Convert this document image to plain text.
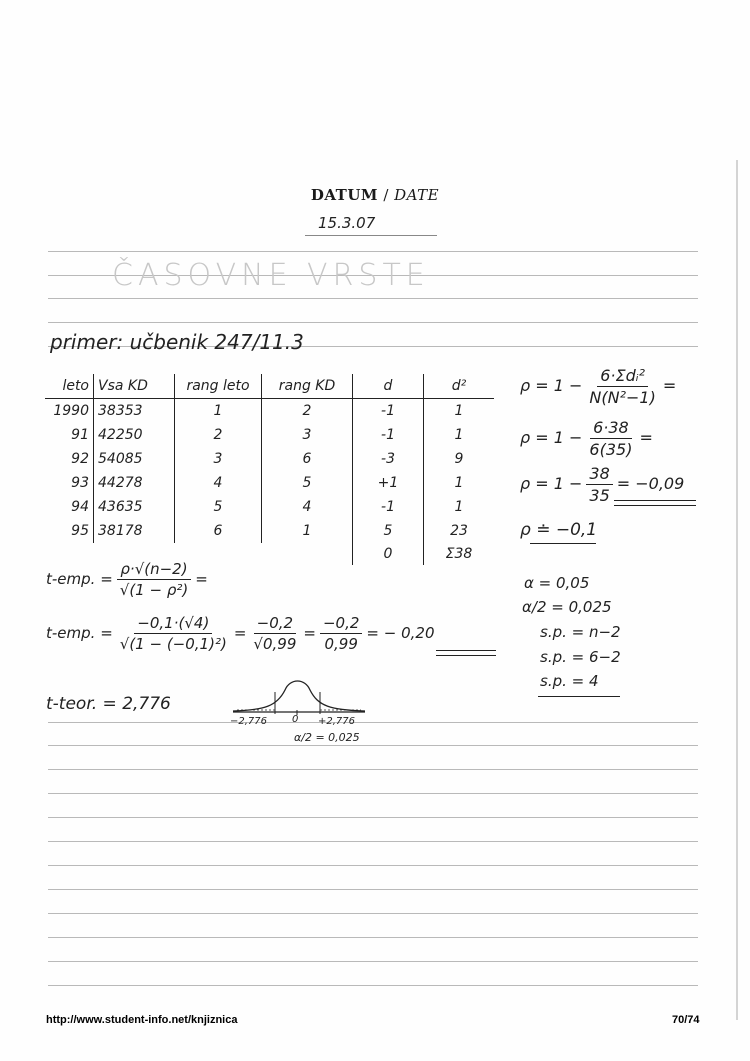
DATUM / DATE
15.3.07
ČASOVNE VRSTE
primer: učbenik 247/11.3
leto	Vsa KD	rang leto	rang KD	d	d²
1990	38353	1	2	-1	1
91	42250	2	3	-1	1
92	54085	3	6	-3	9
93	44278	4	5	+1	1
94	43635	5	4	-1	1
95	38178	6	1	5	23
				0	Σ38
$\rho = 1 - \frac{\text{6·Σdᵢ²}}{\text{N(N²−1)}}$ =
$\rho = 1 - \frac{6\cdot 38}{6(35)}$ =
$\rho = 1 - \frac{38}{35} = -0,09$
ρ ≐ −0,1
t-emp. = $\frac{\rho\cdot√(n-2)}{\text{√(1 − ρ²)}}$ =
t-emp. = $\frac{-0,1\cdot(√4)}{\text{√(1 − (−0,1)²)}} = \frac{-0,2}{√0,99} = \frac{-0,2}{0,99}$ = − 0,20
α = 0,05
α/2 = 0,025
s.p. = n−2
s.p. = 6−2
s.p. = 4
t-teor. = 2,776
−2,776 0 +2,776
α/2 = 0,025
http://www.student-info.net/knjiznica	70/74
